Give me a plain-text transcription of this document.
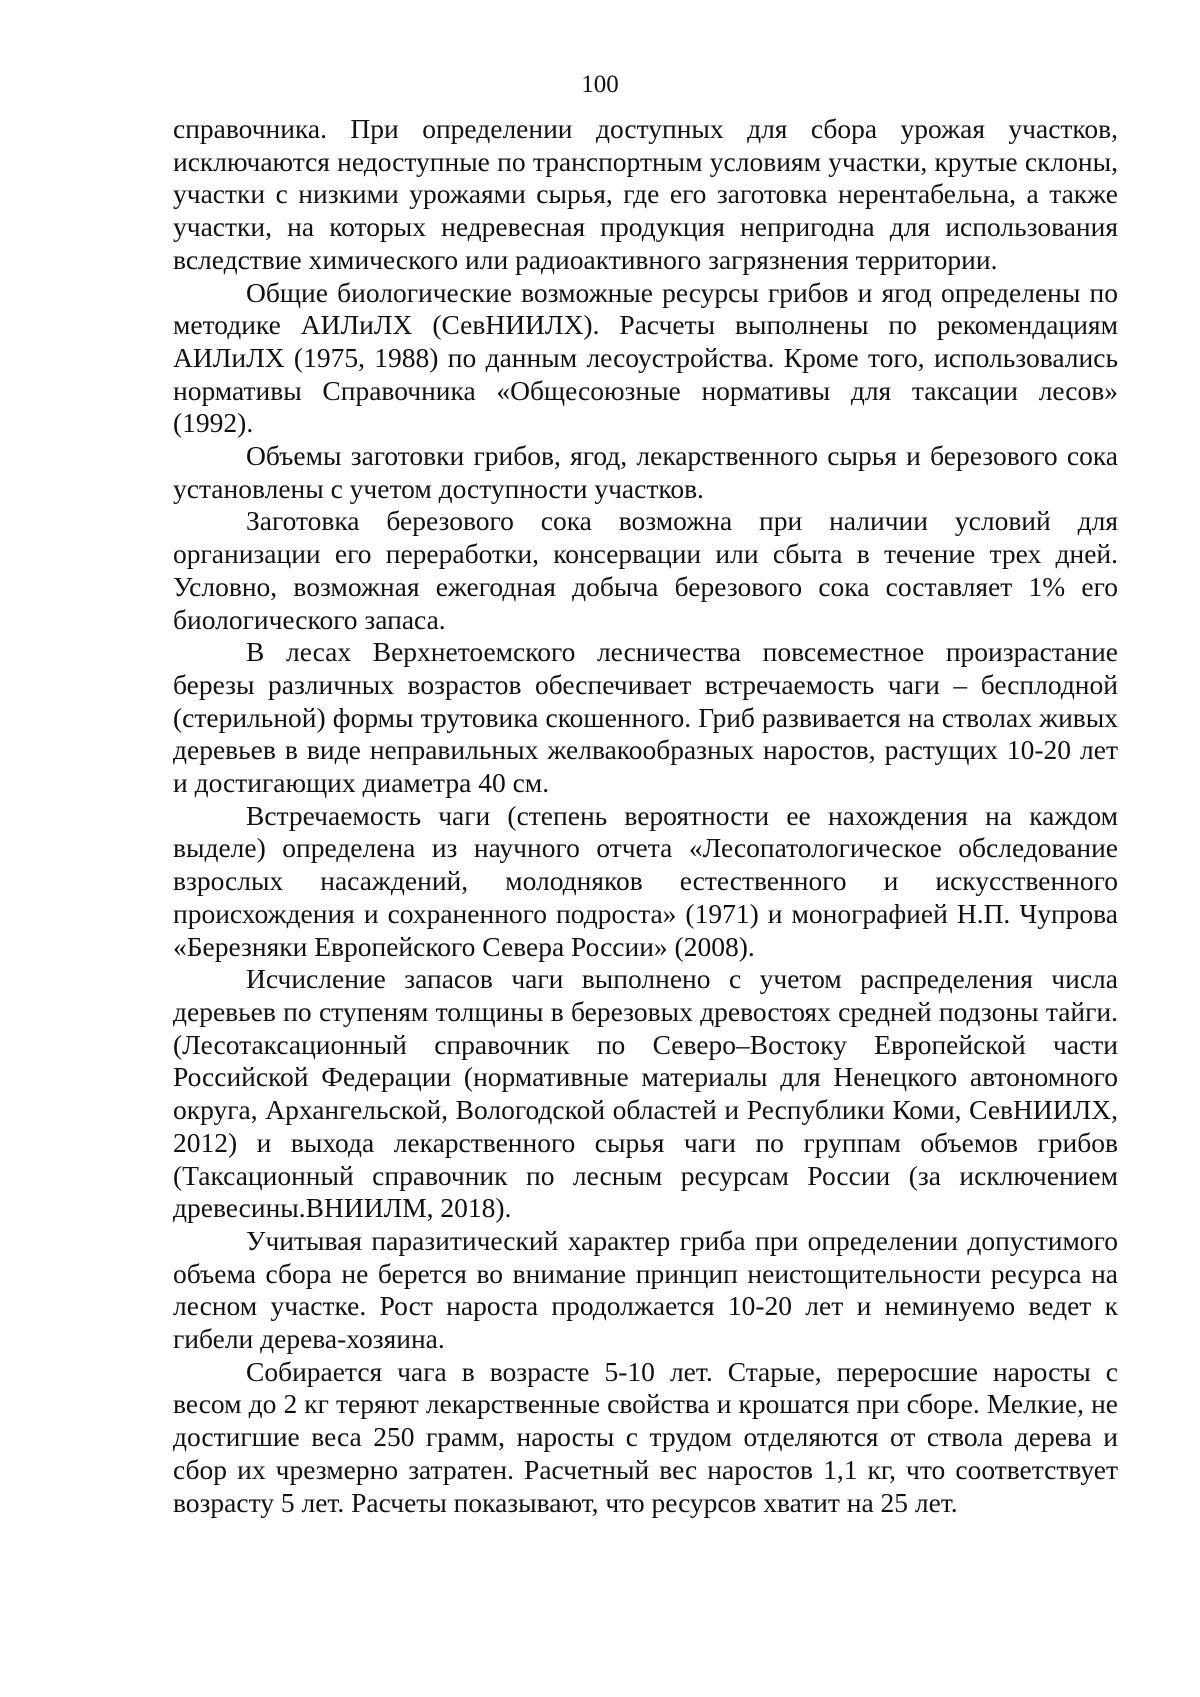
100

справочника. При определении доступных для сбора урожая участков, исключаются недоступные по транспортным условиям участки, крутые склоны, участки с низкими урожаями сырья, где его заготовка нерентабельна, а также участки, на которых недревесная продукция непригодна для использования вследствие химического или радиоактивного загрязнения территории.

Общие биологические возможные ресурсы грибов и ягод определены по методике АИЛиЛХ (СевНИИЛХ). Расчеты выполнены по рекомендациям АИЛиЛХ (1975, 1988) по данным лесоустройства. Кроме того, использовались нормативы Справочника «Общесоюзные нормативы для таксации лесов» (1992).

Объемы заготовки грибов, ягод, лекарственного сырья и березового сока установлены с учетом доступности участков.

Заготовка березового сока возможна при наличии условий для организации его переработки, консервации или сбыта в течение трех дней. Условно, возможная ежегодная добыча березового сока составляет 1% его биологического запаса.

В лесах Верхнетоемского лесничества повсеместное произрастание березы различных возрастов обеспечивает встречаемость чаги – бесплодной (стерильной) формы трутовика скошенного. Гриб развивается на стволах живых деревьев в виде неправильных желвакообразных наростов, растущих 10-20 лет и достигающих диаметра 40 см.

Встречаемость чаги (степень вероятности ее нахождения на каждом выделе) определена из научного отчета «Лесопатологическое обследование взрослых насаждений, молодняков естественного и искусственного происхождения и сохраненного подроста» (1971) и монографией Н.П. Чупрова «Березняки Европейского Севера России» (2008).

Исчисление запасов чаги выполнено с учетом распределения числа деревьев по ступеням толщины в березовых древостоях средней подзоны тайги. (Лесотаксационный справочник по Северо–Востоку Европейской части Российской Федерации (нормативные материалы для Ненецкого автономного округа, Архангельской, Вологодской областей и Республики Коми, СевНИИЛХ, 2012) и выхода лекарственного сырья чаги по группам объемов грибов (Таксационный справочник по лесным ресурсам России (за исключением древесины.ВНИИЛМ, 2018).

Учитывая паразитический характер гриба при определении допустимого объема сбора не берется во внимание принцип неистощительности ресурса на лесном участке. Рост нароста продолжается 10-20 лет и неминуемо ведет к гибели дерева-хозяина.

Собирается чага в возрасте 5-10 лет. Старые, переросшие наросты с весом до 2 кг теряют лекарственные свойства и крошатся при сборе. Мелкие, не достигшие веса 250 грамм, наросты с трудом отделяются от ствола дерева и сбор их чрезмерно затратен. Расчетный вес наростов 1,1 кг, что соответствует возрасту 5 лет. Расчеты показывают, что ресурсов хватит на 25 лет.
